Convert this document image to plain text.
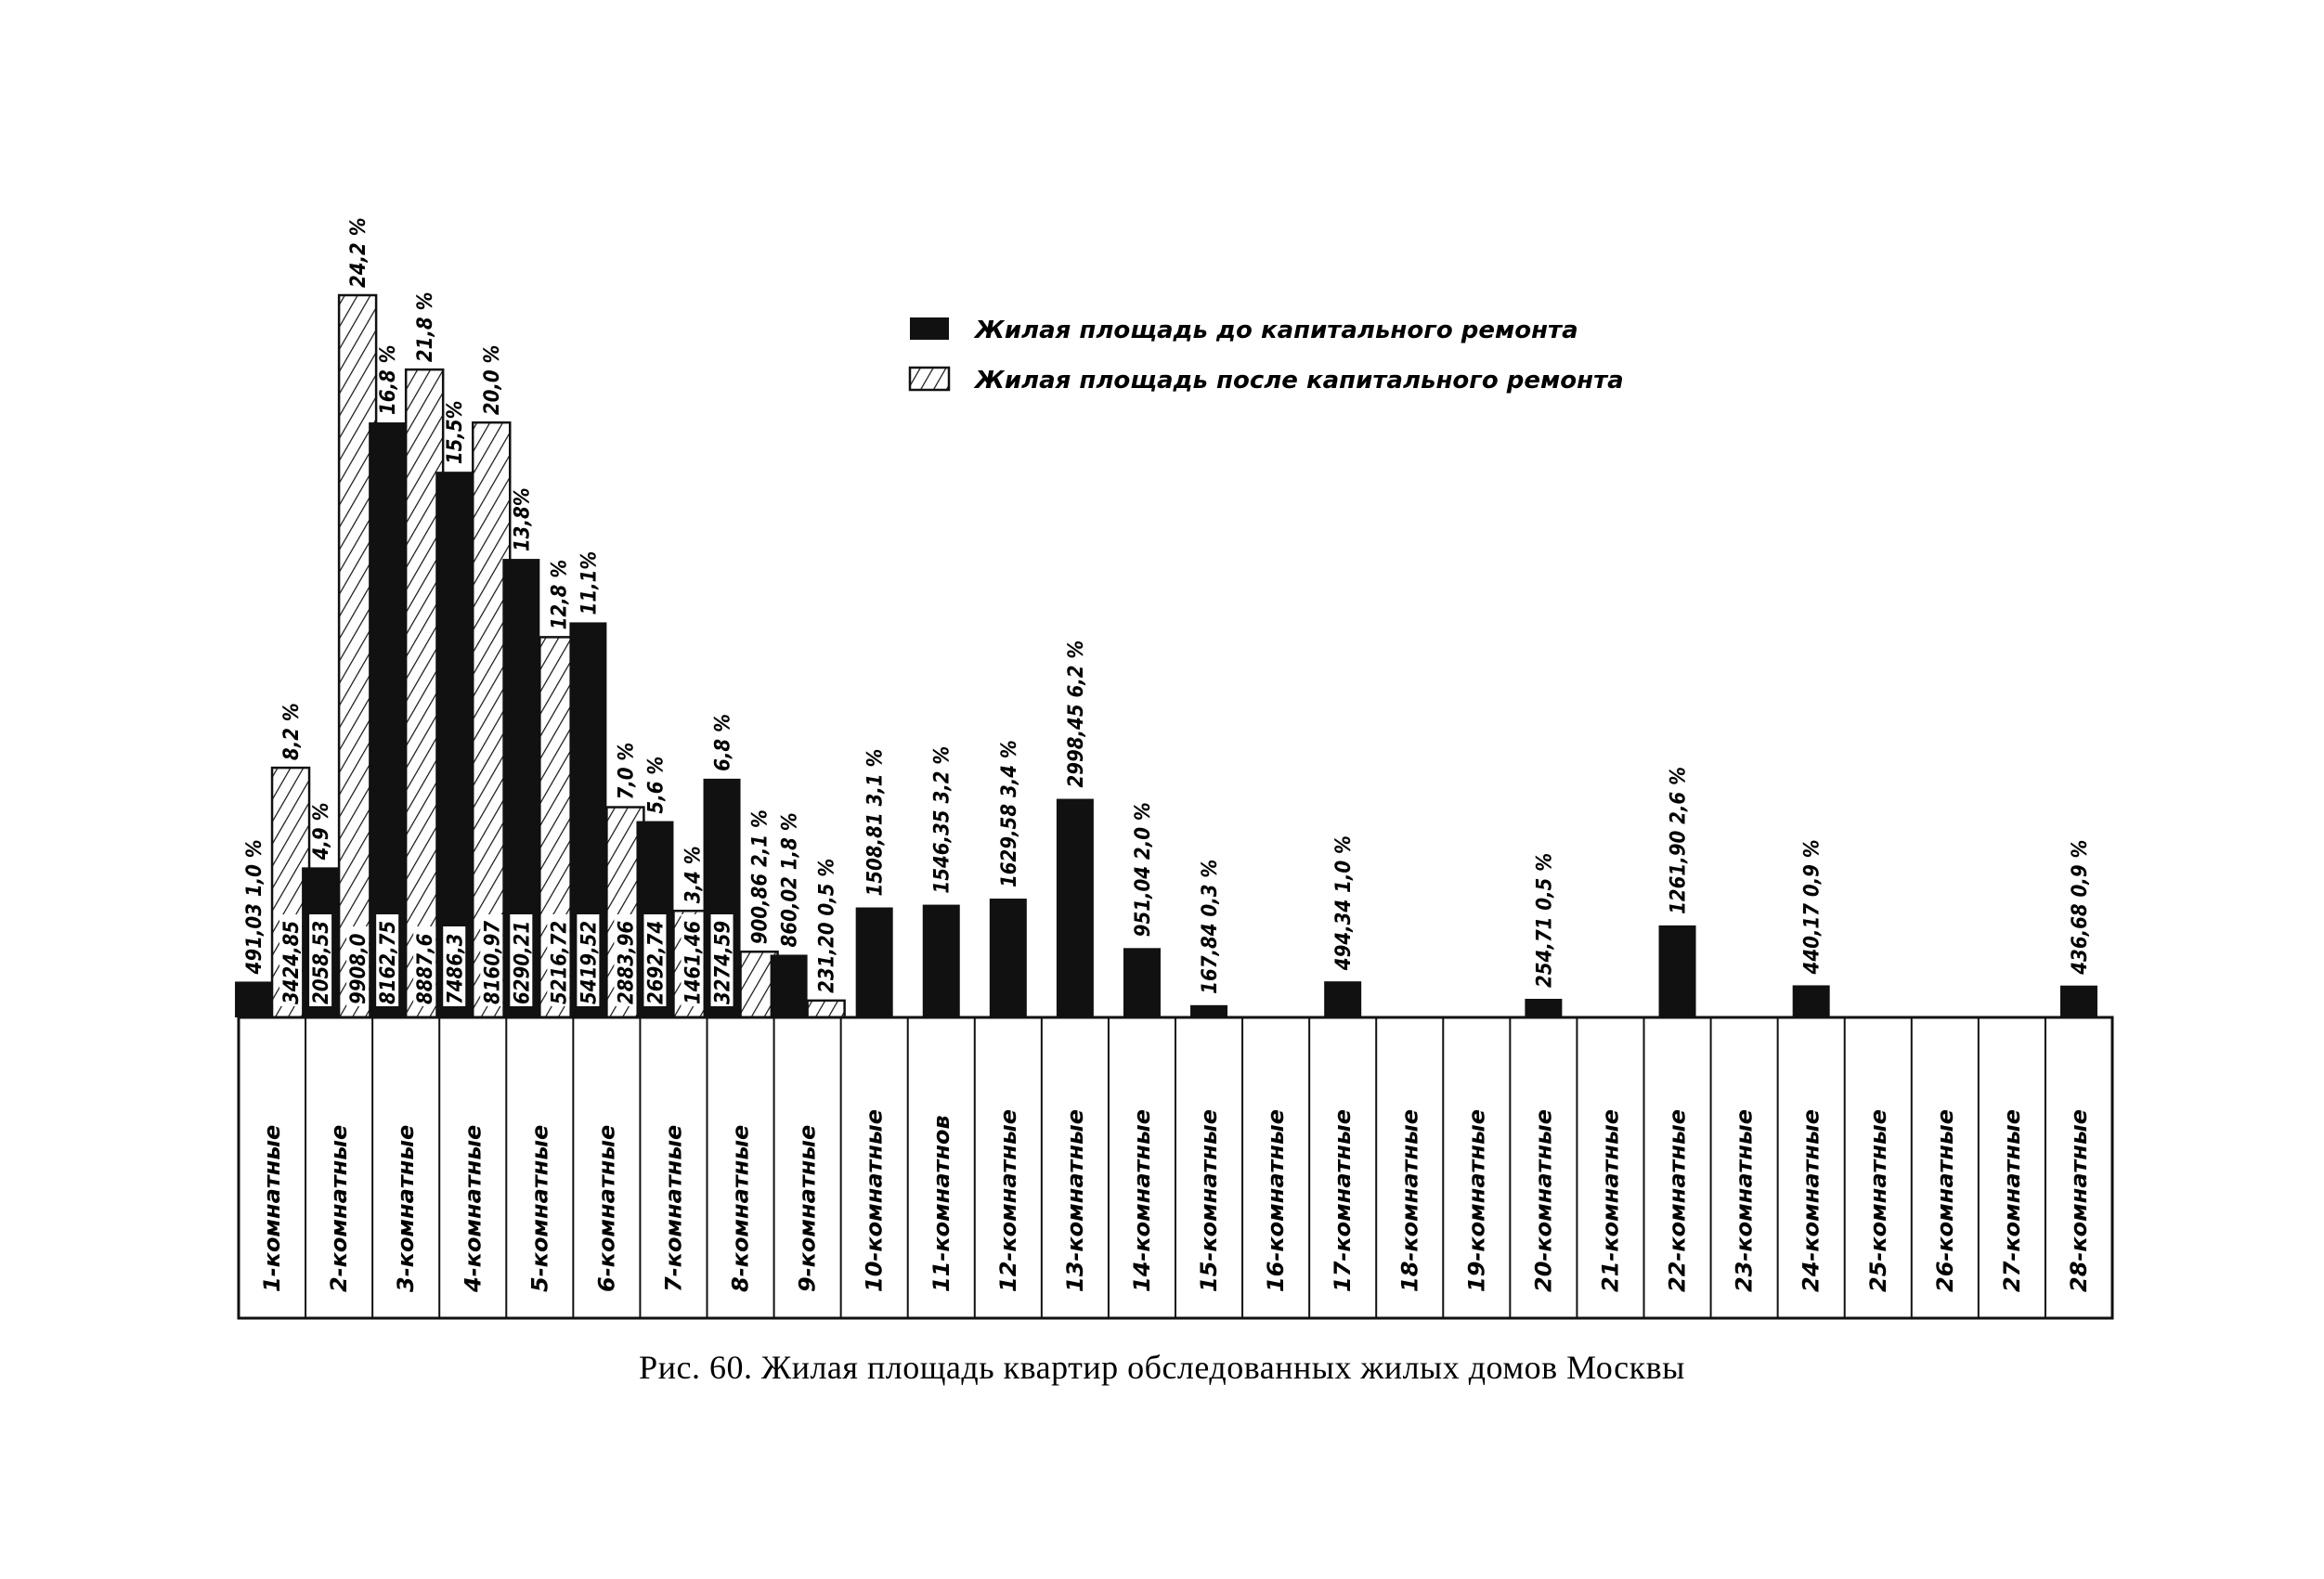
Жилая площадь до капитального ремонта
Жилая площадь после капитального ремонта
491,03 1,0 % 3424,85
8,2 %
2058,53
4,9 %
9908,0
24,2 %
8162,75
16,8 %
8887,6
21,8 %
7486,3
15,5%
8160,97
20,0 %
6290,21
13,8%
5216,72
12,8 %
5419,52
11,1%
2883,96
7,0 %
2692,74
5,6 %
1461,46
3,4 %
3274,59
6,8 %
900,86 2,1 % 860,02 1,8 % 231,20 0,5 %
1508,81 3,1 % 1546,35 3,2 % 1629,58 3,4 %
2998,45 6,2 %
951,04 2,0 % 167,84 0,3 %	494,34 1,0 %	254,71 0,5 %
1261,90 2,6 %	440,17 0,9 %	436,68 0,9 %
1-комнатные 2-комнатные 3-комнатные 4-комнатные 5-комнатные 6-комнатные 7-комнатные 8-комнатные 9-комнатные 10-комнатные 11-комнатнов 12-комнатные 13-комнатные 14-комнатные 15-комнатные 16-комнатные 17-комнатные 18-комнатные 19-комнатные 20-комнатные 21-комнатные 22-комнатные 23-комнатные 24-комнатные 25-комнатные 26-комнатные 27-комнатные 28-комнатные
Рис. 60. Жилая площадь квартир обследованных жилых домов Москвы
